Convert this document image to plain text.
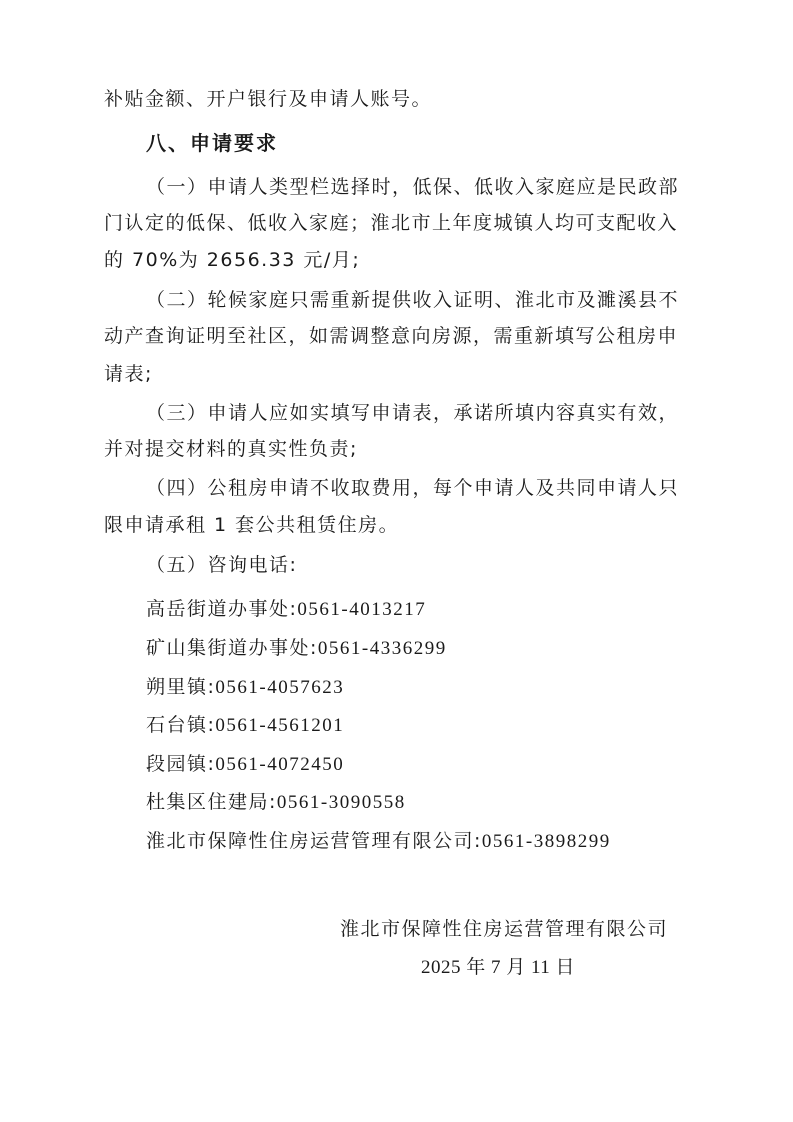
补贴金额、开户银行及申请人账号。
八、申请要求
（一）申请人类型栏选择时，低保、低收入家庭应是民政部
门认定的低保、低收入家庭；淮北市上年度城镇人均可支配收入
的 70%为 2656.33 元/月;
（二）轮候家庭只需重新提供收入证明、淮北市及濉溪县不
动产查询证明至社区，如需调整意向房源，需重新填写公租房申
请表;
（三）申请人应如实填写申请表，承诺所填内容真实有效，
并对提交材料的真实性负责;
（四）公租房申请不收取费用，每个申请人及共同申请人只
限申请承租 1 套公共租赁住房。
（五）咨询电话:
高岳街道办事处:0561-4013217
矿山集街道办事处:0561-4336299
朔里镇:0561-4057623
石台镇:0561-4561201
段园镇:0561-4072450
杜集区住建局:0561-3090558
淮北市保障性住房运营管理有限公司:0561-3898299
淮北市保障性住房运营管理有限公司
2025 年 7 月 11 日
